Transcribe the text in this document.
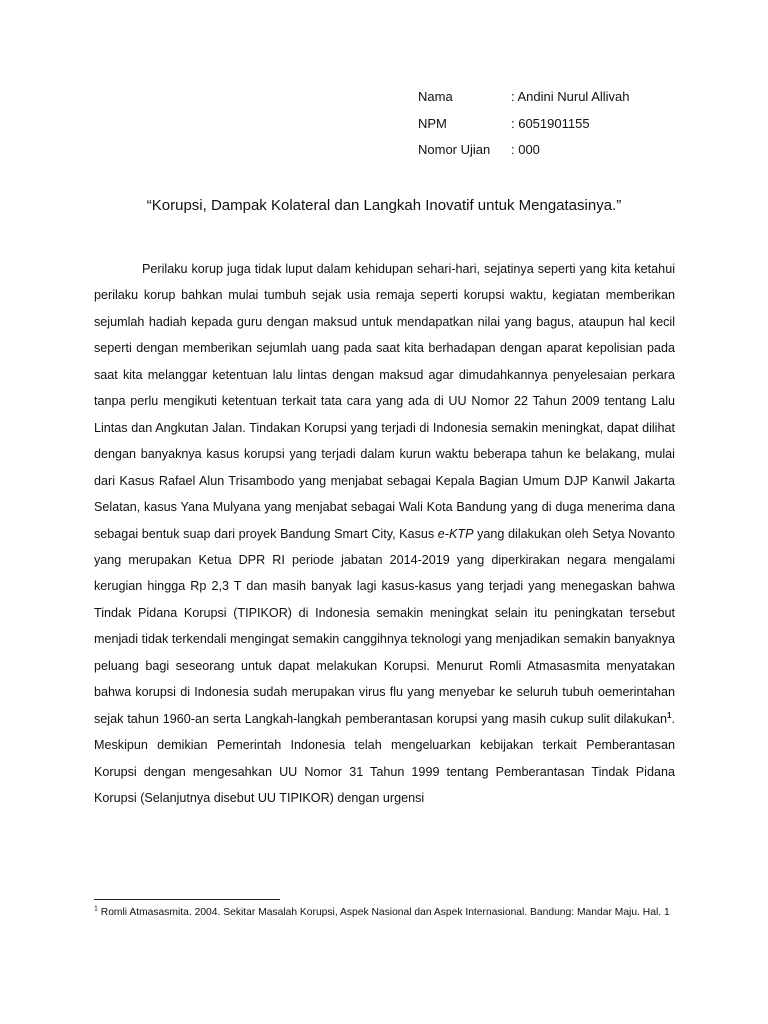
Nama	: Andini Nurul Allivah
NPM	: 6051901155
Nomor Ujian	: 000
“Korupsi, Dampak Kolateral dan Langkah Inovatif untuk Mengatasinya.”

Perilaku korup juga tidak luput dalam kehidupan sehari-hari, sejatinya seperti yang kita ketahui perilaku korup bahkan mulai tumbuh sejak usia remaja seperti korupsi waktu, kegiatan memberikan sejumlah hadiah kepada guru dengan maksud untuk mendapatkan nilai yang bagus, ataupun hal kecil seperti dengan memberikan sejumlah uang pada saat kita berhadapan dengan aparat kepolisian pada saat kita melanggar ketentuan lalu lintas dengan maksud agar dimudahkannya penyelesaian perkara tanpa perlu mengikuti ketentuan terkait tata cara yang ada di UU Nomor 22 Tahun 2009 tentang Lalu Lintas dan Angkutan Jalan. Tindakan Korupsi yang terjadi di Indonesia semakin meningkat, dapat dilihat dengan banyaknya kasus korupsi yang terjadi dalam kurun waktu beberapa tahun ke belakang, mulai dari Kasus Rafael Alun Trisambodo yang menjabat sebagai Kepala Bagian Umum DJP Kanwil Jakarta Selatan, kasus Yana Mulyana yang menjabat sebagai Wali Kota Bandung yang di duga menerima dana sebagai bentuk suap dari proyek Bandung Smart City, Kasus e-KTP yang dilakukan oleh Setya Novanto yang merupakan Ketua DPR RI periode jabatan 2014-2019 yang diperkirakan negara mengalami kerugian hingga Rp 2,3 T dan masih banyak lagi kasus-kasus yang terjadi yang menegaskan bahwa Tindak Pidana Korupsi (TIPIKOR) di Indonesia semakin meningkat selain itu peningkatan tersebut menjadi tidak terkendali mengingat semakin canggihnya teknologi yang menjadikan semakin banyaknya peluang bagi seseorang untuk dapat melakukan Korupsi. Menurut Romli Atmasasmita menyatakan bahwa korupsi di Indonesia sudah merupakan virus flu yang menyebar ke seluruh tubuh oemerintahan sejak tahun 1960-an serta Langkah-langkah pemberantasan korupsi yang masih cukup sulit dilakukan$^1$. Meskipun demikian Pemerintah Indonesia telah mengeluarkan kebijakan terkait Pemberantasan Korupsi dengan mengesahkan UU Nomor 31 Tahun 1999 tentang Pemberantasan Tindak Pidana Korupsi (Selanjutnya disebut UU TIPIKOR) dengan urgensi

$^1$ Romli Atmasasmita. 2004. Sekitar Masalah Korupsi, Aspek Nasional dan Aspek Internasional. Bandung: Mandar Maju. Hal. 1
